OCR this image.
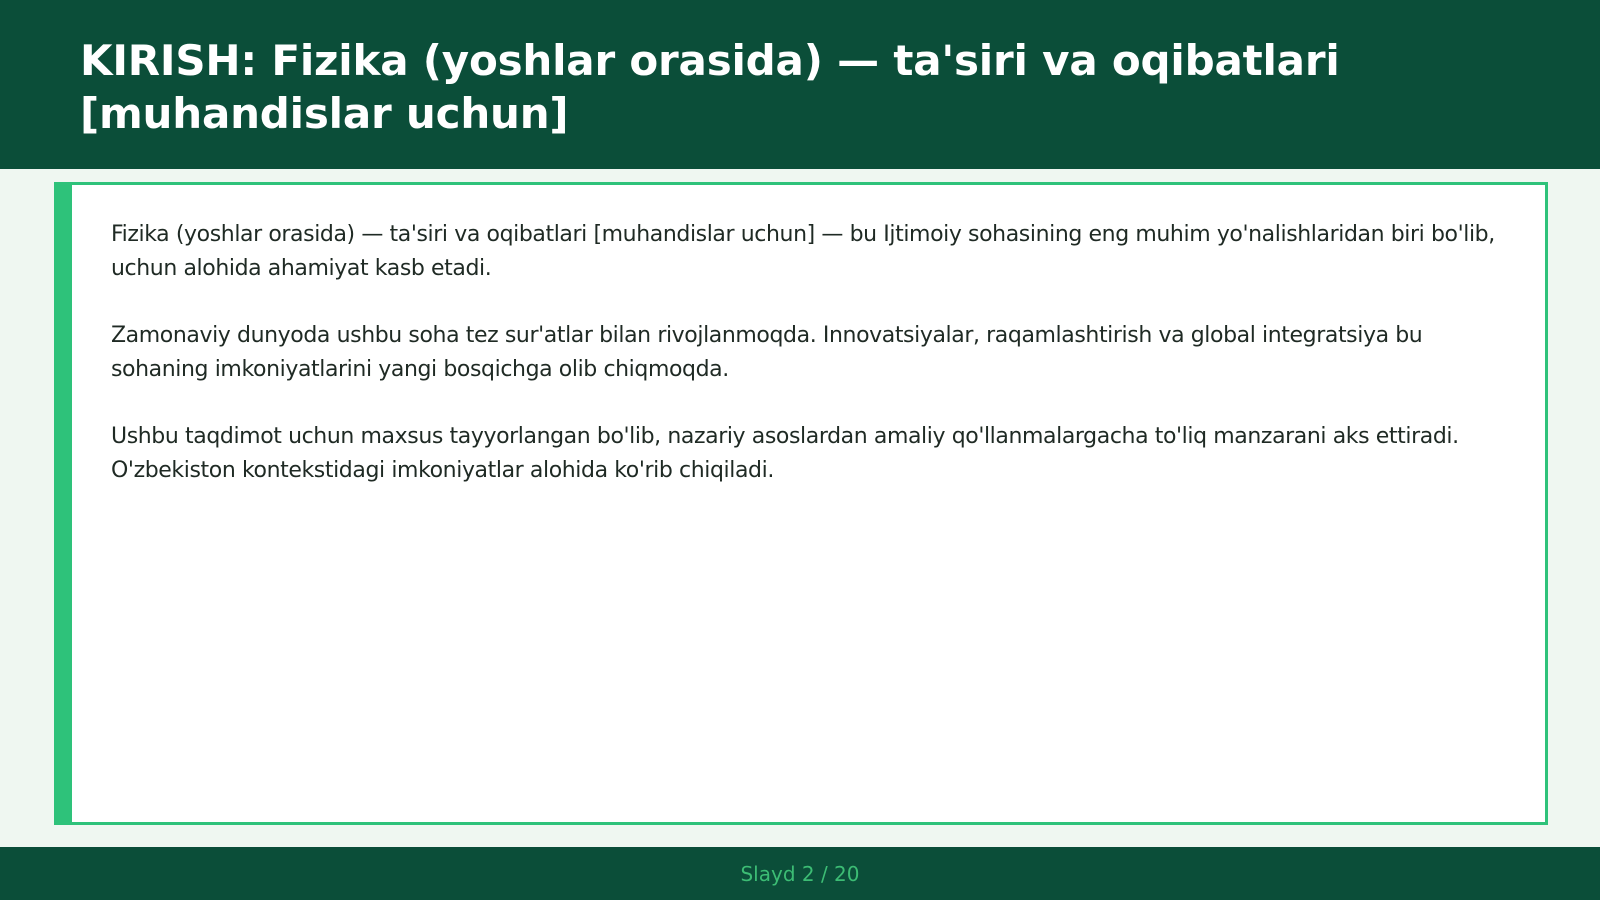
KIRISH: Fizika (yoshlar orasida) — ta'siri va oqibatlari [muhandislar uchun]

Fizika (yoshlar orasida) — ta'siri va oqibatlari [muhandislar uchun] — bu Ijtimoiy sohasining eng muhim yo'nalishlaridan biri bo'lib, uchun alohida ahamiyat kasb etadi.

Zamonaviy dunyoda ushbu soha tez sur'atlar bilan rivojlanmoqda. Innovatsiyalar, raqamlashtirish va global integratsiya bu sohaning imkoniyatlarini yangi bosqichga olib chiqmoqda.

Ushbu taqdimot uchun maxsus tayyorlangan bo'lib, nazariy asoslardan amaliy qo'llanmalargacha to'liq manzarani aks ettiradi. O'zbekiston kontekstidagi imkoniyatlar alohida ko'rib chiqiladi.

Slayd 2 / 20
